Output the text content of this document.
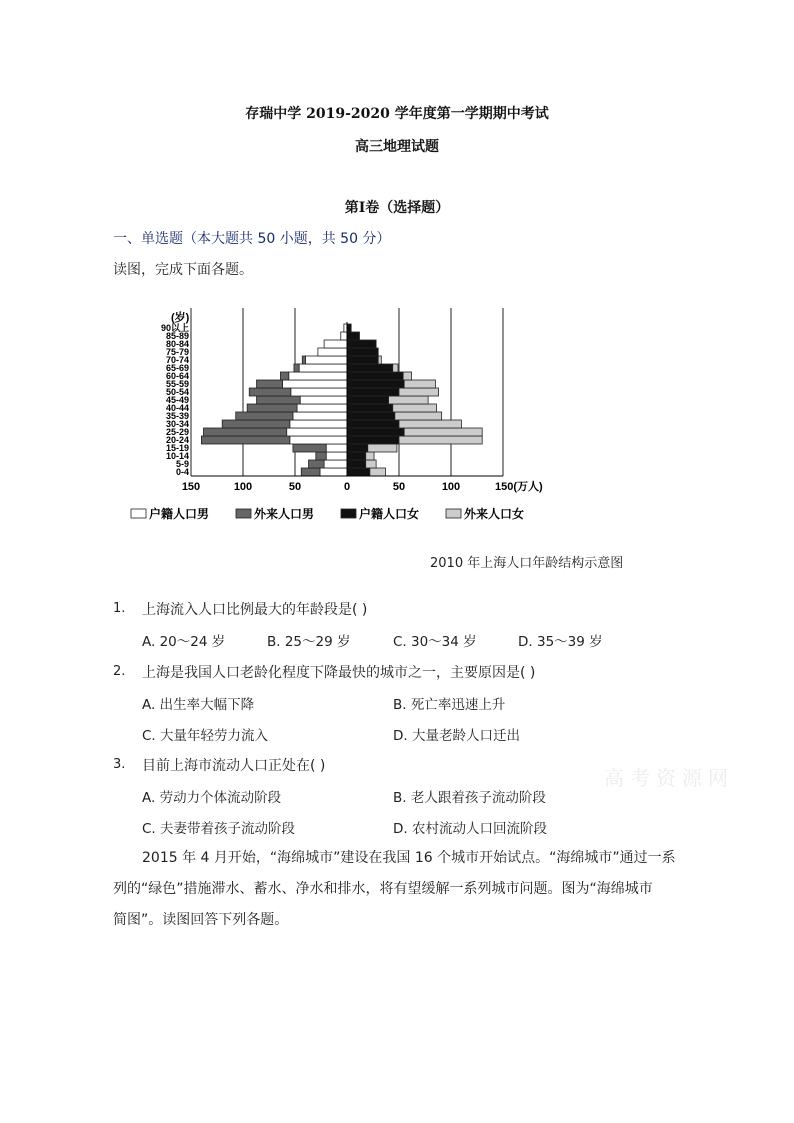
存瑞中学 2019-2020 学年度第一学期期中考试
高三地理试题
第Ⅰ卷（选择题）
一、单选题（本大题共 50 小题，共 50 分）
读图，完成下面各题。
0-4
5-9
10-14
15-19
20-24
25-29
30-34
35-39
40-44
45-49
50-54
55-59
60-64
65-69
70-74
75-79
80-84
85-89
90以上
150	100	50	0	50	100	150(万人)
(岁)
户籍人口男	外来人口男	户籍人口女	外来人口女
2010 年上海人口年龄结构示意图
1. 上海流入人口比例最大的年龄段是( )
A. 20～24 岁	B. 25～29 岁	C. 30～34 岁	D. 35～39 岁
2. 上海是我国人口老龄化程度下降最快的城市之一，主要原因是( )
A. 出生率大幅下降	B. 死亡率迅速上升
C. 大量年轻劳力流入	D. 大量老龄人口迁出
3. 目前上海市流动人口正处在( )
A. 劳动力个体流动阶段	B. 老人跟着孩子流动阶段
C. 夫妻带着孩子流动阶段	D. 农村流动人口回流阶段
高考资源网
2015 年 4 月开始，“海绵城市”建设在我国 16 个城市开始试点。“海绵城市”通过一系
列的“绿色”措施滞水、蓄水、净水和排水，将有望缓解一系列城市问题。图为“海绵城市
简图”。读图回答下列各题。
